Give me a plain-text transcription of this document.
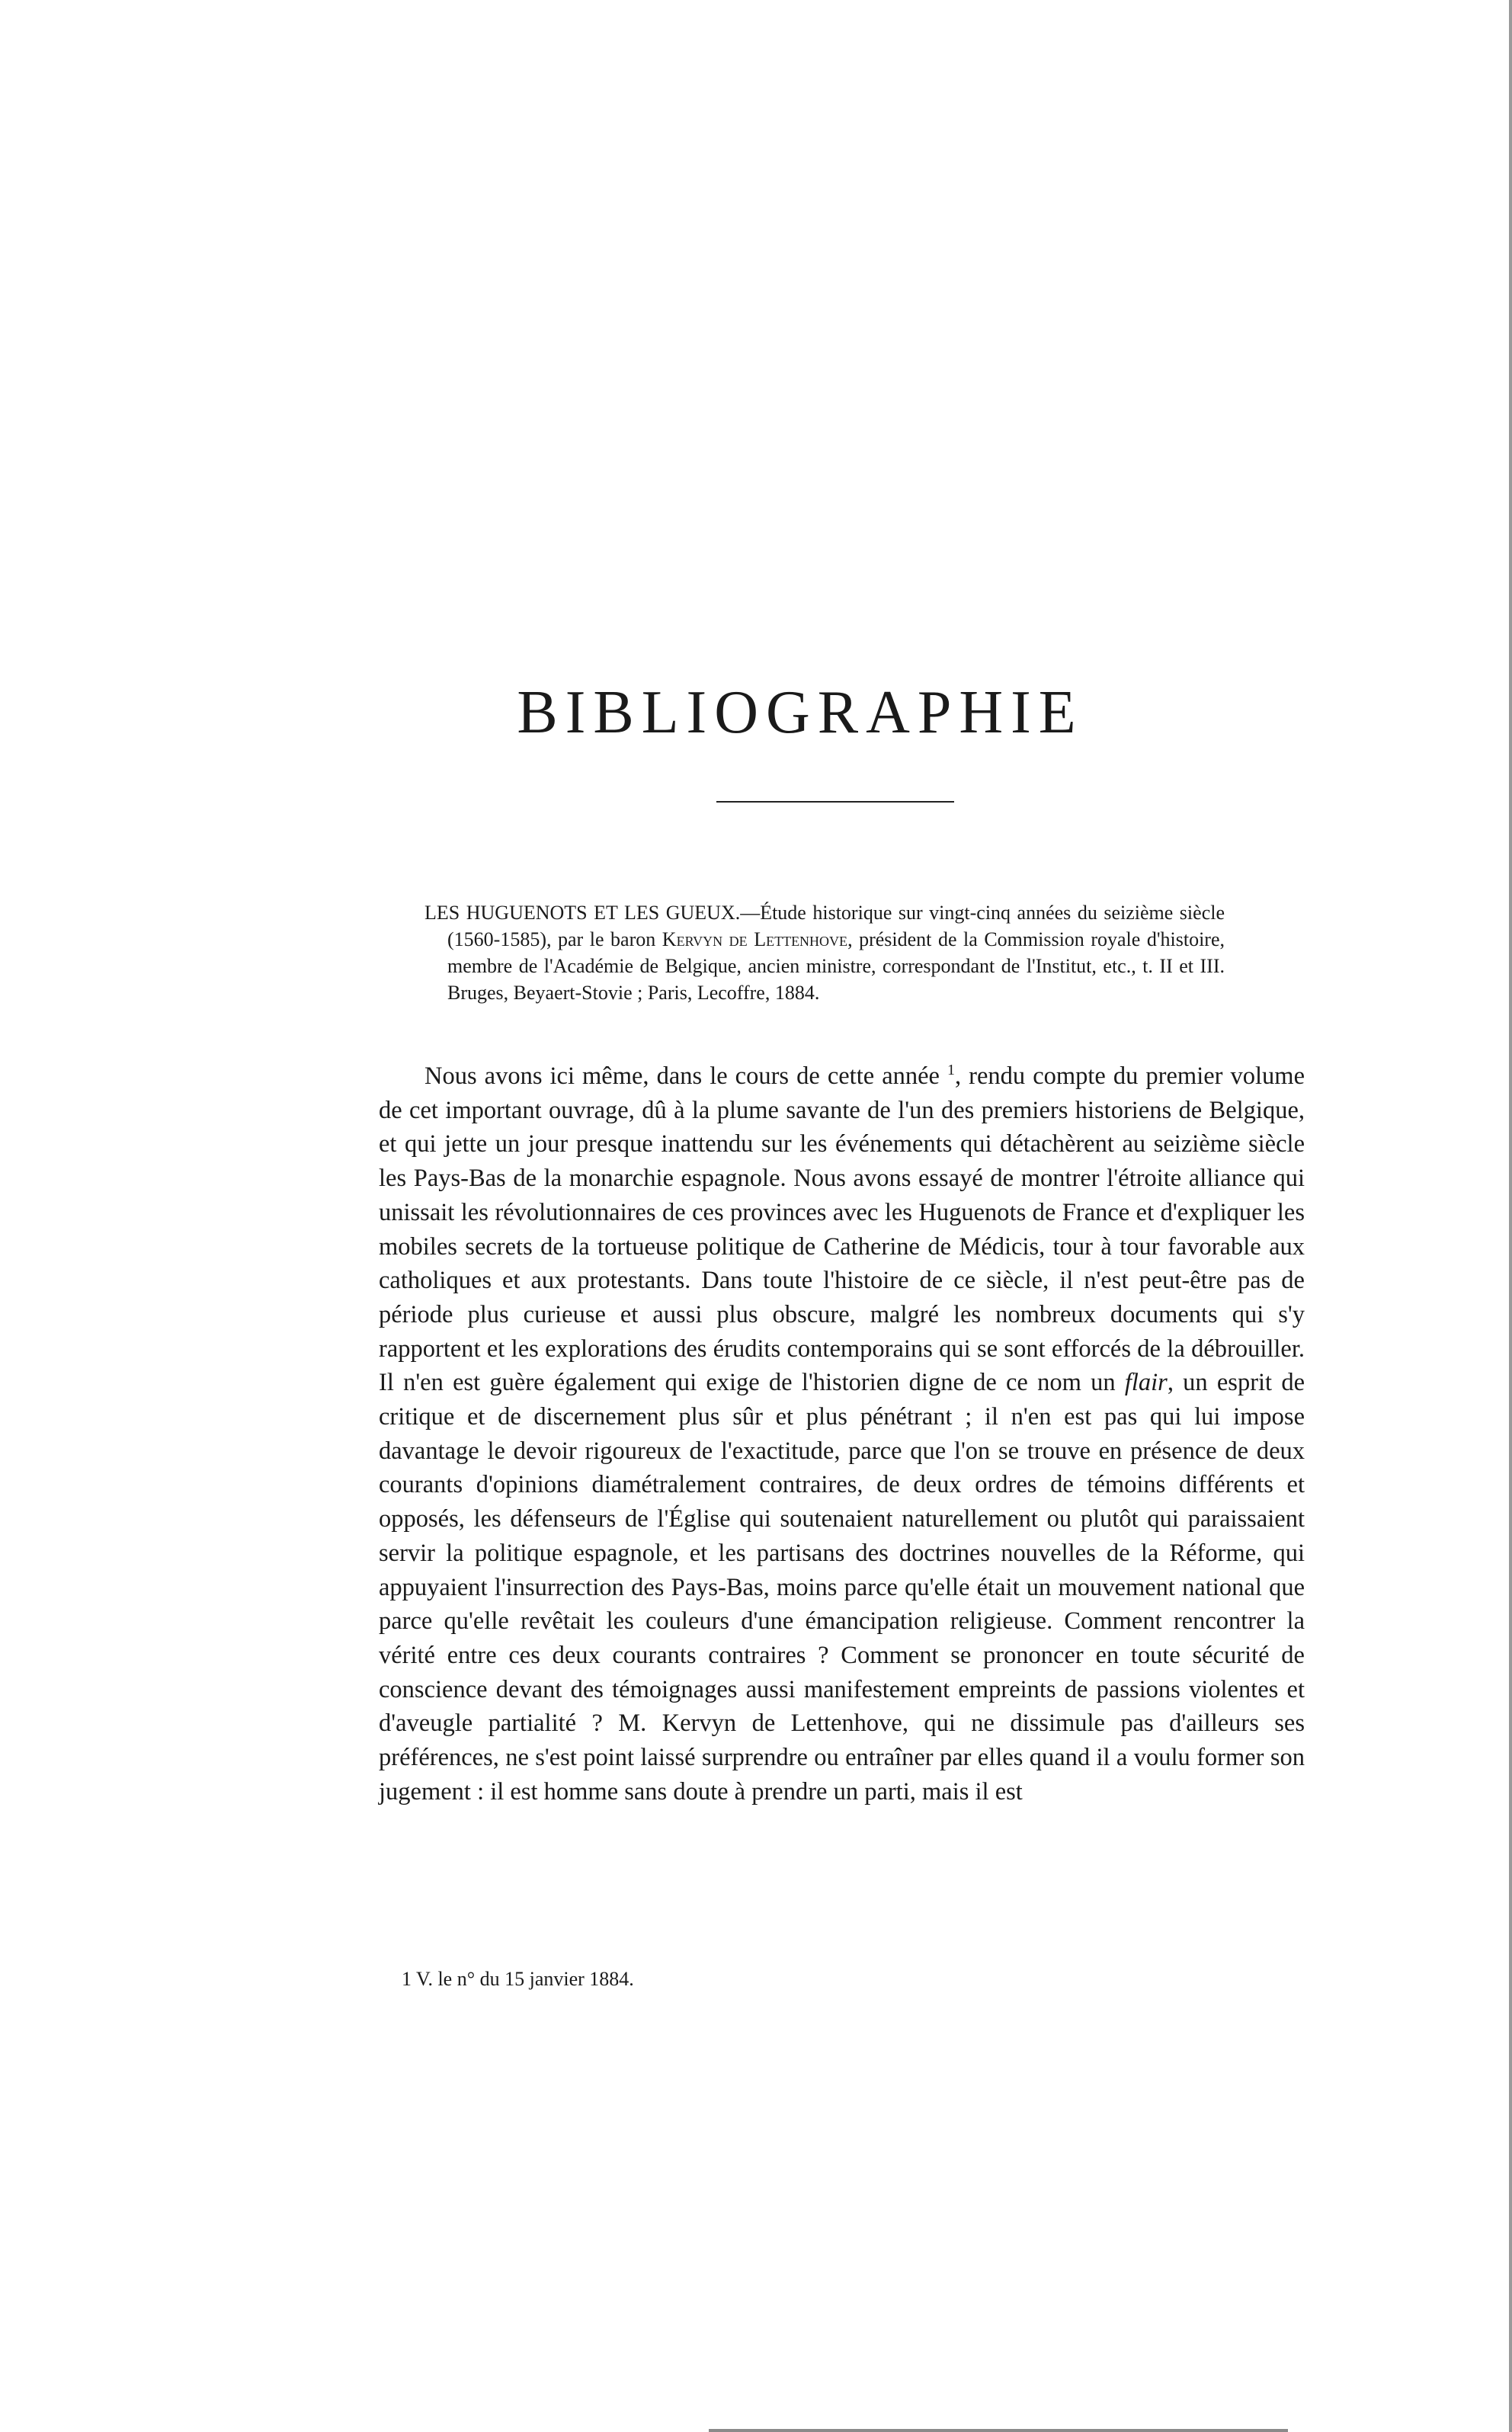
BIBLIOGRAPHIE
LES HUGUENOTS ET LES GUEUX.—Étude historique sur vingt-cinq années du seizième siècle (1560-1585), par le baron Kervyn de Lettenhove, président de la Commission royale d'histoire, membre de l'Académie de Belgique, ancien ministre, correspondant de l'Institut, etc., t. II et III. Bruges, Beyaert-Stovie ; Paris, Lecoffre, 1884.

Nous avons ici même, dans le cours de cette année $^1$, rendu compte du premier volume de cet important ouvrage, dû à la plume savante de l'un des premiers historiens de Belgique, et qui jette un jour presque inattendu sur les événements qui détachèrent au seizième siècle les Pays-Bas de la monarchie espagnole. Nous avons essayé de montrer l'étroite alliance qui unissait les révolutionnaires de ces provinces avec les Huguenots de France et d'expliquer les mobiles secrets de la tortueuse politique de Catherine de Médicis, tour à tour favorable aux catholiques et aux protestants. Dans toute l'histoire de ce siècle, il n'est peut-être pas de période plus curieuse et aussi plus obscure, malgré les nombreux documents qui s'y rapportent et les explorations des érudits contemporains qui se sont efforcés de la débrouiller. Il n'en est guère également qui exige de l'historien digne de ce nom un flair, un esprit de critique et de discernement plus sûr et plus pénétrant ; il n'en est pas qui lui impose davantage le devoir rigoureux de l'exactitude, parce que l'on se trouve en présence de deux courants d'opinions diamétralement contraires, de deux ordres de témoins différents et opposés, les défenseurs de l'Église qui soutenaient naturellement ou plutôt qui paraissaient servir la politique espagnole, et les partisans des doctrines nouvelles de la Réforme, qui appuyaient l'insurrection des Pays-Bas, moins parce qu'elle était un mouvement national que parce qu'elle revêtait les couleurs d'une émancipation religieuse. Comment rencontrer la vérité entre ces deux courants contraires ? Comment se prononcer en toute sécurité de conscience devant des témoignages aussi manifestement empreints de passions violentes et d'aveugle partialité ? M. Kervyn de Lettenhove, qui ne dissimule pas d'ailleurs ses préférences, ne s'est point laissé surprendre ou entraîner par elles quand il a voulu former son jugement : il est homme sans doute à prendre un parti, mais il est

1 V. le n° du 15 janvier 1884.
